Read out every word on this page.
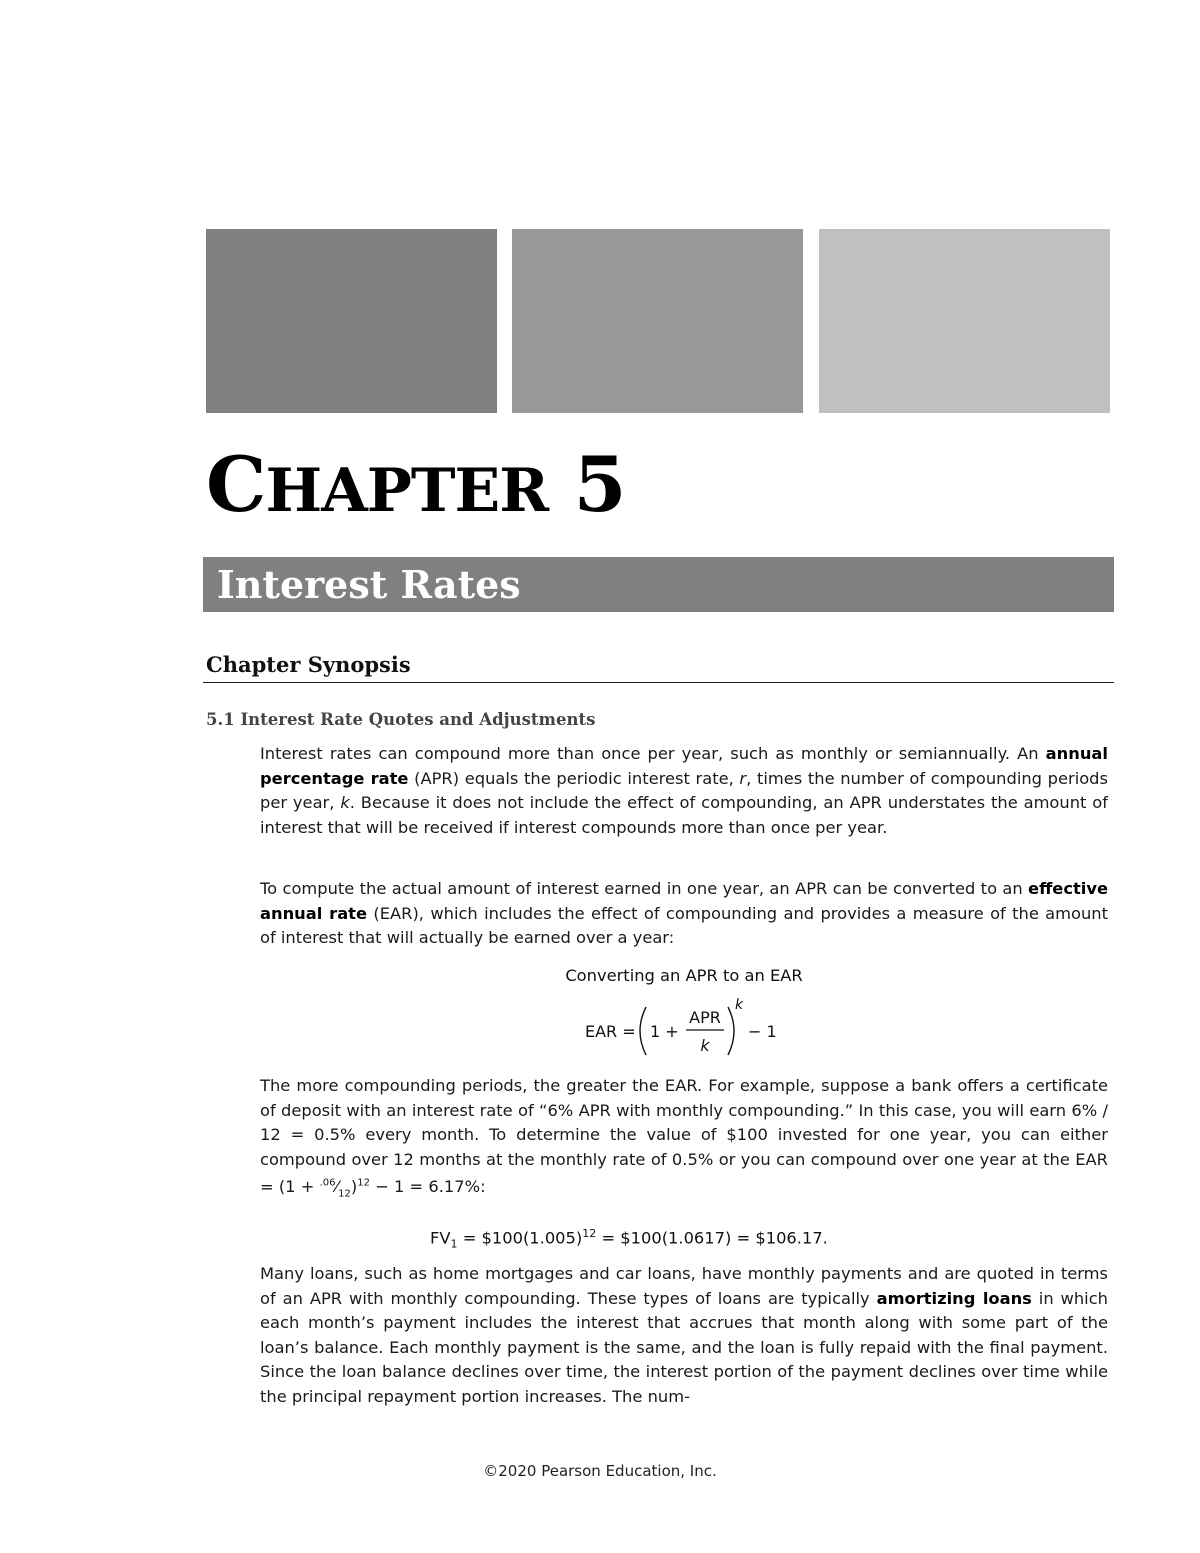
CHAPTER 5
Interest Rates
Chapter Synopsis
5.1 Interest Rate Quotes and Adjustments

Interest rates can compound more than once per year, such as monthly or semiannually. An annual percentage rate (APR) equals the periodic interest rate, r, times the number of compounding periods per year, k. Because it does not include the effect of compounding, an APR understates the amount of interest that will be received if interest compounds more than once per year.

To compute the actual amount of interest earned in one year, an APR can be converted to an effective annual rate (EAR), which includes the effect of compounding and provides a measure of the amount of interest that will actually be earned over a year:

Converting an APR to an EAR
EAR = 1 +
APR
k
k
− 1

The more compounding periods, the greater the EAR. For example, suppose a bank offers a certificate of deposit with an interest rate of “6% APR with monthly compounding.” In this case, you will earn 6% / 12 = 0.5% every month. To determine the value of $100 invested for one year, you can either compound over 12 months at the monthly rate of 0.5% or you can compound over one year at the EAR = $(1 + ^{.06}⁄_{12})^{12} - 1 = 6.17\%$:

$FV_1$ = $\$100(1.005)^{12}$ = $100(1.0617) = $106.17.

Many loans, such as home mortgages and car loans, have monthly payments and are quoted in terms of an APR with monthly compounding. These types of loans are typically amortizing loans in which each month’s payment includes the interest that accrues that month along with some part of the loan’s balance. Each monthly payment is the same, and the loan is fully repaid with the final payment. Since the loan balance declines over time, the interest portion of the payment declines over time while the principal repayment portion increases. The num-

©2020 Pearson Education, Inc.
